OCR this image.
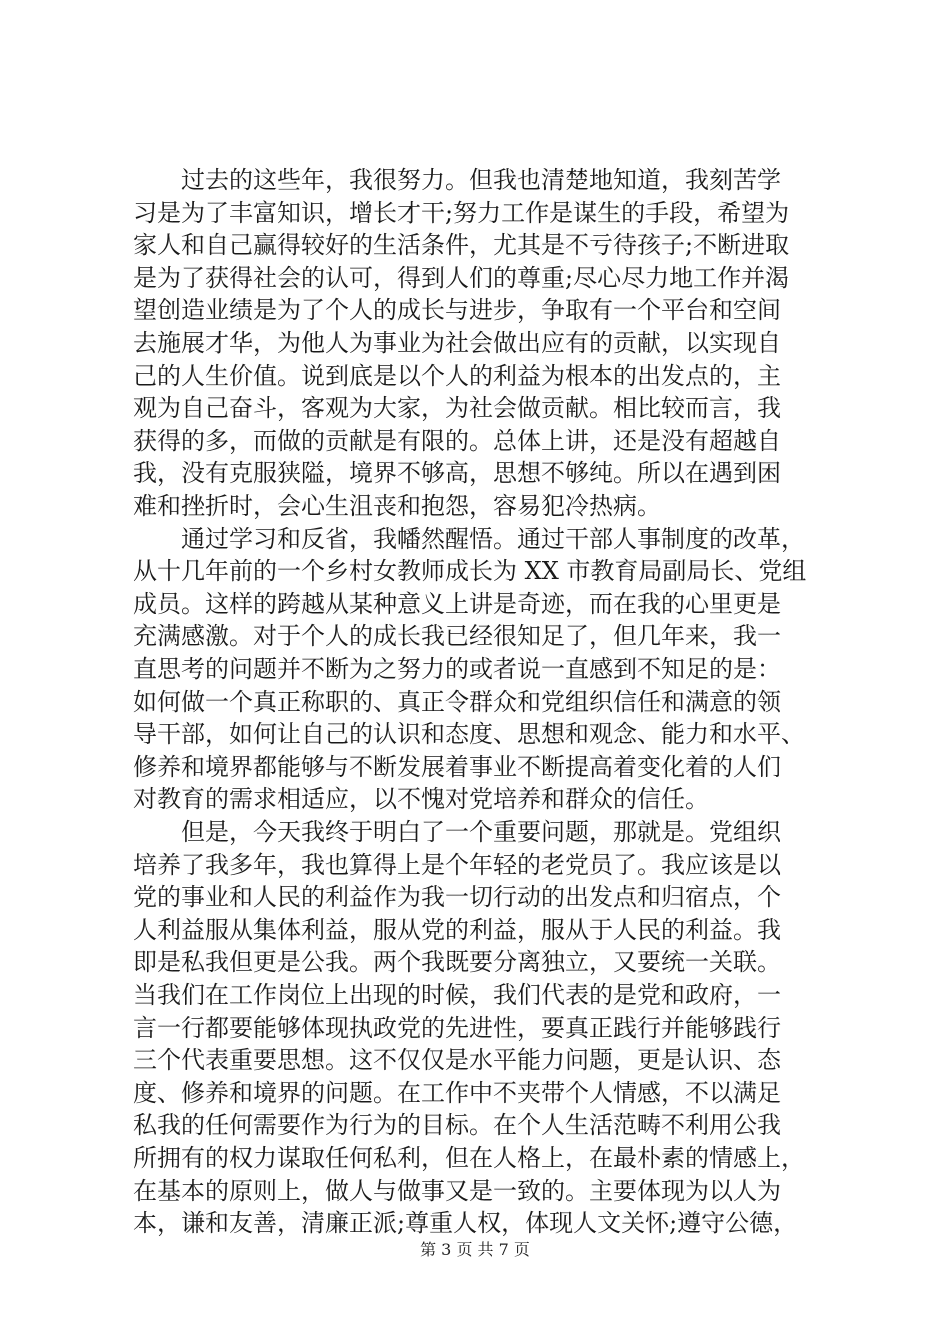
过去的这些年，我很努力。但我也清楚地知道，我刻苦学
习是为了丰富知识，增长才干;努力工作是谋生的手段，希望为
家人和自己赢得较好的生活条件，尤其是不亏待孩子;不断进取
是为了获得社会的认可，得到人们的尊重;尽心尽力地工作并渴
望创造业绩是为了个人的成长与进步，争取有一个平台和空间
去施展才华，为他人为事业为社会做出应有的贡献，以实现自
己的人生价值。说到底是以个人的利益为根本的出发点的，主
观为自己奋斗，客观为大家，为社会做贡献。相比较而言，我
获得的多，而做的贡献是有限的。总体上讲，还是没有超越自
我，没有克服狭隘，境界不够高，思想不够纯。所以在遇到困
难和挫折时，会心生沮丧和抱怨，容易犯冷热病。
通过学习和反省，我幡然醒悟。通过干部人事制度的改革，
从十几年前的一个乡村女教师成长为 XX 市教育局副局长、党组
成员。这样的跨越从某种意义上讲是奇迹，而在我的心里更是
充满感激。对于个人的成长我已经很知足了，但几年来，我一
直思考的问题并不断为之努力的或者说一直感到不知足的是：
如何做一个真正称职的、真正令群众和党组织信任和满意的领
导干部，如何让自己的认识和态度、思想和观念、能力和水平、
修养和境界都能够与不断发展着事业不断提高着变化着的人们
对教育的需求相适应，以不愧对党培养和群众的信任。
但是，今天我终于明白了一个重要问题，那就是。党组织
培养了我多年，我也算得上是个年轻的老党员了。我应该是以
党的事业和人民的利益作为我一切行动的出发点和归宿点，个
人利益服从集体利益，服从党的利益，服从于人民的利益。我
即是私我但更是公我。两个我既要分离独立，又要统一关联。
当我们在工作岗位上出现的时候，我们代表的是党和政府，一
言一行都要能够体现执政党的先进性，要真正践行并能够践行
三个代表重要思想。这不仅仅是水平能力问题，更是认识、态
度、修养和境界的问题。在工作中不夹带个人情感，不以满足
私我的任何需要作为行为的目标。在个人生活范畴不利用公我
所拥有的权力谋取任何私利，但在人格上，在最朴素的情感上，
在基本的原则上，做人与做事又是一致的。主要体现为以人为
本，谦和友善，清廉正派;尊重人权，体现人文关怀;遵守公德，
第 3 页 共 7 页
